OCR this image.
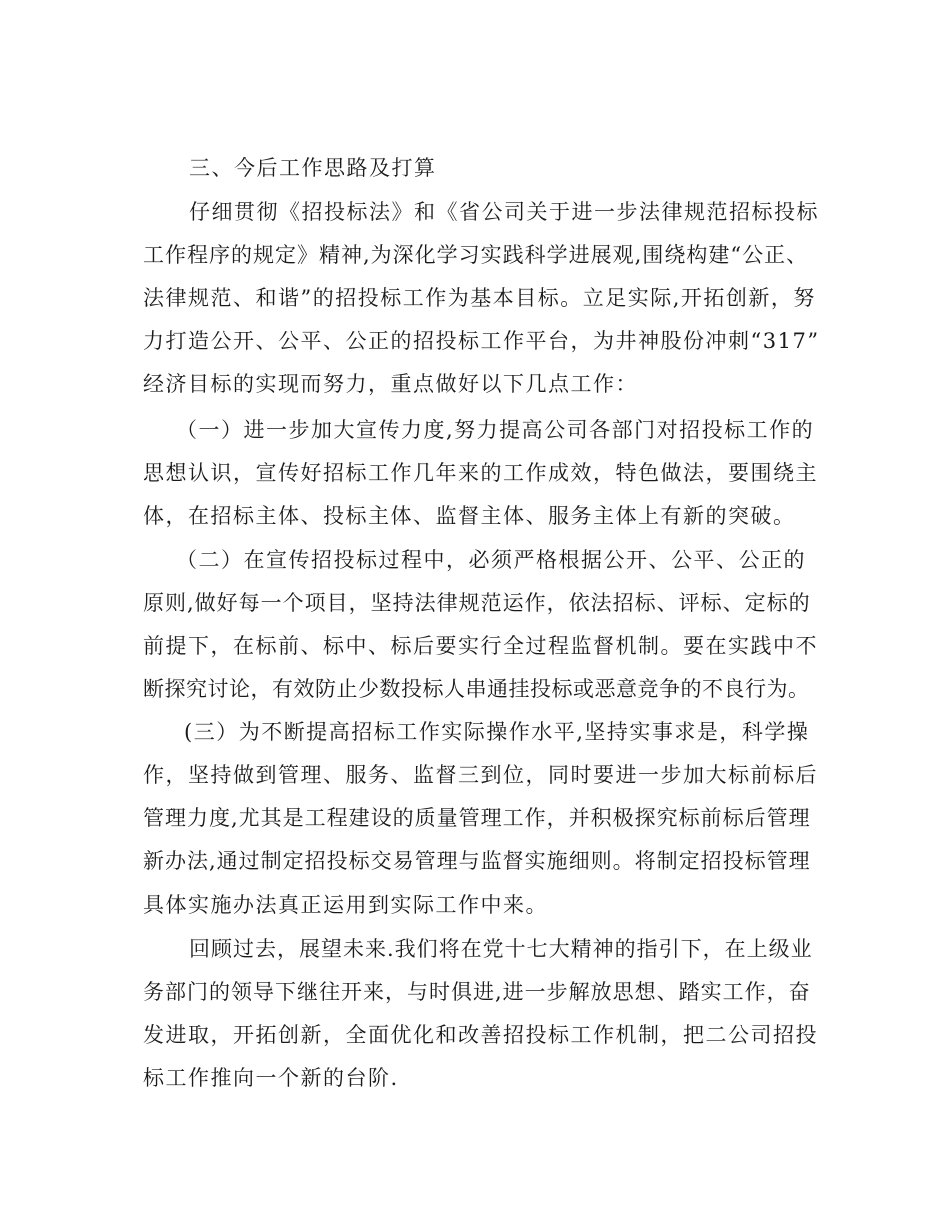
三、今后工作思路及打算
仔细贯彻《招投标法》和《省公司关于进一步法律规范招标投标
工作程序的规定》精神,为深化学习实践科学进展观,围绕构建“公正、
法律规范、和谐”的招投标工作为基本目标。立足实际,开拓创新，努
力打造公开、公平、公正的招投标工作平台，为井神股份冲刺“317”
经济目标的实现而努力，重点做好以下几点工作：
（一）进一步加大宣传力度,努力提高公司各部门对招投标工作的
思想认识，宣传好招标工作几年来的工作成效，特色做法，要围绕主
体，在招标主体、投标主体、监督主体、服务主体上有新的突破。
（二）在宣传招投标过程中，必须严格根据公开、公平、公正的
原则,做好每一个项目，坚持法律规范运作，依法招标、评标、定标的
前提下，在标前、标中、标后要实行全过程监督机制。要在实践中不
断探究讨论，有效防止少数投标人串通挂投标或恶意竞争的不良行为。
(三）为不断提高招标工作实际操作水平,坚持实事求是，科学操
作，坚持做到管理、服务、监督三到位，同时要进一步加大标前标后
管理力度,尤其是工程建设的质量管理工作，并积极探究标前标后管理
新办法,通过制定招投标交易管理与监督实施细则。将制定招投标管理
具体实施办法真正运用到实际工作中来。
回顾过去，展望未来.我们将在党十七大精神的指引下，在上级业
务部门的领导下继往开来，与时俱进,进一步解放思想、踏实工作，奋
发进取，开拓创新，全面优化和改善招投标工作机制，把二公司招投
标工作推向一个新的台阶.
